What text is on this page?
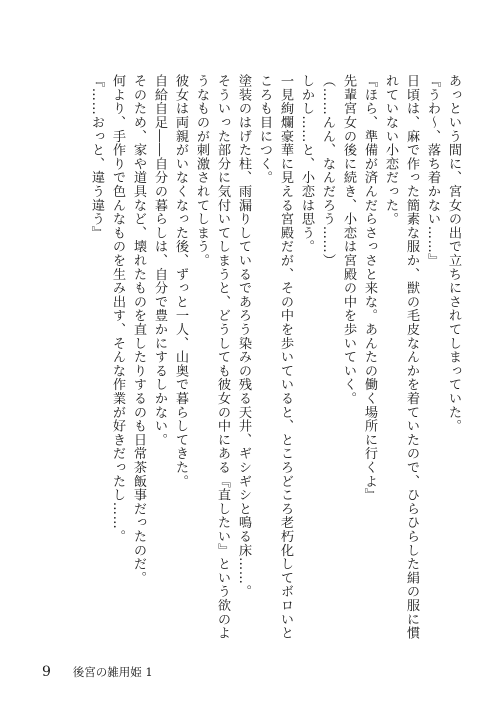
あっという間に、宮女の出で立ちにされてしまっていた。

『うわ～、落ち着かない……』

日頃は、麻で作った簡素な服か、獣の毛皮なんかを着ていたので、ひらひらした絹の服に慣れていない小恋だった。

『ほら、準備が済んだらさっさと来な。あんたの働く場所に行くよ』

先輩宮女の後に続き、小恋は宮殿の中を歩いていく。

（……んん、なんだろう……）

しかし……と、小恋は思う。

一見絢爛豪華に見える宮殿だが、その中を歩いていると、ところどころ老朽化してボロいところも目につく。

塗装のはげた柱、雨漏りしているであろう染みの残る天井、ギシギシと鳴る床……。

そういった部分に気付いてしまうと、どうしても彼女の中にある『直したい』という欲のようなものが刺激されてしまう。

彼女は両親がいなくなった後、ずっと一人、山奥で暮らしてきた。

自給自足――自分の暮らしは、自分で豊かにするしかない。

そのため、家や道具など、壊れたものを直したりするのも日常茶飯事だったのだ。

何より、手作りで色んなものを生み出す、そんな作業が好きだったし……。

『……おっと、違う違う』

9 後宮の雑用姫 1
